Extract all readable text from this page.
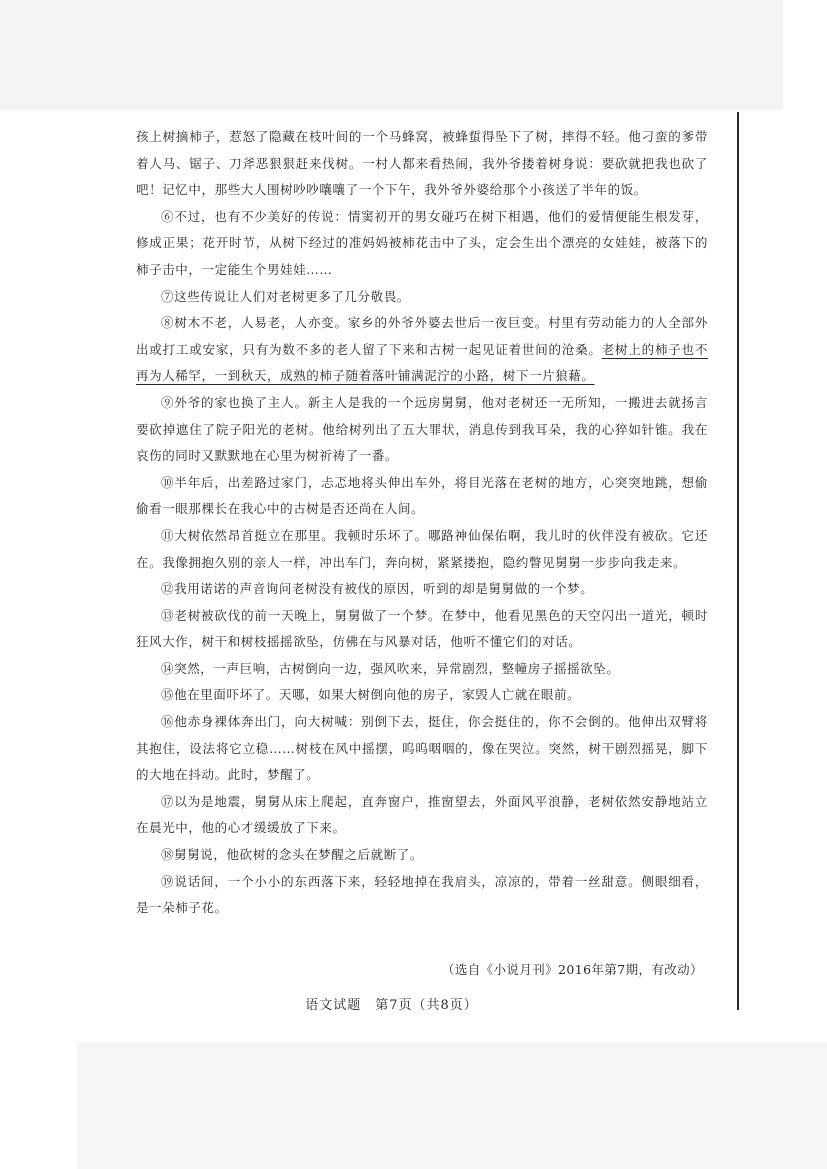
孩上树摘柿子，惹怒了隐藏在枝叶间的一个马蜂窝，被蜂蜇得坠下了树，摔得不轻。他刁蛮的爹带着人马、锯子、刀斧恶狠狠赶来伐树。一村人都来看热闹，我外爷搂着树身说：要砍就把我也砍了吧！记忆中，那些大人围树吵吵嚷嚷了一个下午，我外爷外婆给那个小孩送了半年的饭。

⑥不过，也有不少美好的传说：情窦初开的男女碰巧在树下相遇，他们的爱情便能生根发芽，修成正果；花开时节，从树下经过的准妈妈被柿花击中了头，定会生出个漂亮的女娃娃，被落下的柿子击中，一定能生个男娃娃……

⑦这些传说让人们对老树更多了几分敬畏。

⑧树木不老，人易老，人亦变。家乡的外爷外婆去世后一夜巨变。村里有劳动能力的人全部外出或打工或安家，只有为数不多的老人留了下来和古树一起见证着世间的沧桑。老树上的柿子也不再为人稀罕，一到秋天，成熟的柿子随着落叶铺满泥泞的小路，树下一片狼藉。

⑨外爷的家也换了主人。新主人是我的一个远房舅舅，他对老树还一无所知，一搬进去就扬言要砍掉遮住了院子阳光的老树。他给树列出了五大罪状，消息传到我耳朵，我的心猝如针锥。我在哀伤的同时又默默地在心里为树祈祷了一番。

⑩半年后，出差路过家门，忐忑地将头伸出车外，将目光落在老树的地方，心突突地跳，想偷偷看一眼那棵长在我心中的古树是否还尚在人间。

⑪大树依然昂首挺立在那里。我顿时乐坏了。哪路神仙保佑啊，我儿时的伙伴没有被砍。它还在。我像拥抱久别的亲人一样，冲出车门，奔向树，紧紧搂抱，隐约瞥见舅舅一步步向我走来。

⑫我用诺诺的声音询问老树没有被伐的原因，听到的却是舅舅做的一个梦。

⑬老树被砍伐的前一天晚上，舅舅做了一个梦。在梦中，他看见黑色的天空闪出一道光，顿时狂风大作，树干和树枝摇摇欲坠，仿佛在与风暴对话，他听不懂它们的对话。

⑭突然，一声巨响，古树倒向一边，强风吹来，异常剧烈，整幢房子摇摇欲坠。

⑮他在里面吓坏了。天哪，如果大树倒向他的房子，家毁人亡就在眼前。

⑯他赤身裸体奔出门，向大树喊：别倒下去，挺住，你会挺住的，你不会倒的。他伸出双臂将其抱住，设法将它立稳……树枝在风中摇摆，呜呜咽咽的，像在哭泣。突然，树干剧烈摇晃，脚下的大地在抖动。此时，梦醒了。

⑰以为是地震，舅舅从床上爬起，直奔窗户，推窗望去，外面风平浪静，老树依然安静地站立在晨光中，他的心才缓缓放了下来。

⑱舅舅说，他砍树的念头在梦醒之后就断了。

⑲说话间，一个小小的东西落下来，轻轻地掉在我肩头，凉凉的，带着一丝甜意。侧眼细看，是一朵柿子花。

（选自《小说月刊》2016年第7期，有改动）
语文试题　第7页（共8页）
